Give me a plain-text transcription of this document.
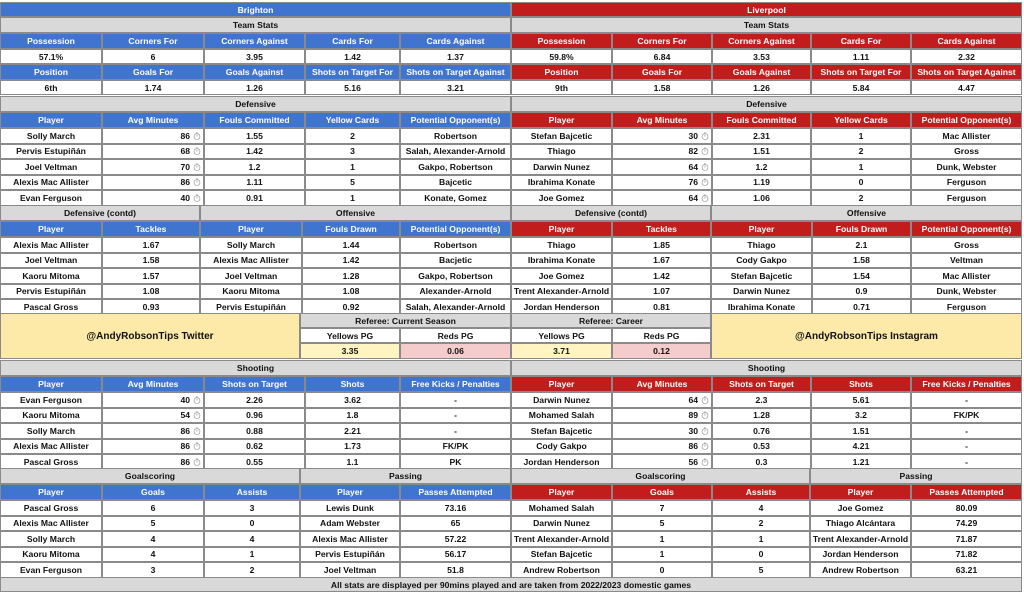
Brighton
Team Stats
Possession	Corners For	Corners Against	Cards For	Cards Against
57.1%	6	3.95	1.42	1.37
Position	Goals For	Goals Against	Shots on Target For	Shots on Target Against
6th	1.74	1.26	5.16	3.21
Defensive
Player	Avg Minutes	Fouls Committed	Yellow Cards	Potential Opponent(s)
Solly March	86	1.55	2	Robertson
Pervis Estupiñán	68	1.42	3	Salah, Alexander-Arnold
Joel Veltman	70	1.2	1	Gakpo, Robertson
Alexis Mac Allister	86	1.11	5	Bajcetic
Evan Ferguson	40	0.91	1	Konate, Gomez
Defensive (contd)	Offensive
Player	Tackles	Player	Fouls Drawn	Potential Opponent(s)
Alexis Mac Allister	1.67	Solly March	1.44	Robertson
Joel Veltman	1.58	Alexis Mac Allister	1.42	Bacjetic
Kaoru Mitoma	1.57	Joel Veltman	1.28	Gakpo, Robertson
Pervis Estupiñán	1.08	Kaoru Mitoma	1.08	Alexander-Arnold
Pascal Gross	0.93	Pervis Estupiñán	0.92	Salah, Alexander-Arnold
Shooting
Player	Avg Minutes	Shots on Target	Shots	Free Kicks / Penalties
Evan Ferguson	40	2.26	3.62	-
Kaoru Mitoma	54	0.96	1.8	-
Solly March	86	0.88	2.21	-
Alexis Mac Allister	86	0.62	1.73	FK/PK
Pascal Gross	86	0.55	1.1	PK
Goalscoring	Passing
Player	Goals	Assists	Player	Passes Attempted
Pascal Gross	6	3	Lewis Dunk	73.16
Alexis Mac Allister	5	0	Adam Webster	65
Solly March	4	4	Alexis Mac Allister	57.22
Kaoru Mitoma	4	1	Pervis Estupiñán	56.17
Evan Ferguson	3	2	Joel Veltman	51.8
Liverpool
Team Stats
Possession	Corners For	Corners Against	Cards For	Cards Against
59.8%	6.84	3.53	1.11	2.32
Position	Goals For	Goals Against	Shots on Target For	Shots on Target Against
9th	1.58	1.26	5.84	4.47
Defensive
Player	Avg Minutes	Fouls Committed	Yellow Cards	Potential Opponent(s)
Stefan Bajcetic	30	2.31	1	Mac Allister
Thiago	82	1.51	2	Gross
Darwin Nunez	64	1.2	1	Dunk, Webster
Ibrahima Konate	76	1.19	0	Ferguson
Joe Gomez	64	1.06	2	Ferguson
Defensive (contd)	Offensive
Player	Tackles	Player	Fouls Drawn	Potential Opponent(s)
Thiago	1.85	Thiago	2.1	Gross
Ibrahima Konate	1.67	Cody Gakpo	1.58	Veltman
Joe Gomez	1.42	Stefan Bajcetic	1.54	Mac Allister
Trent Alexander-Arnold	1.07	Darwin Nunez	0.9	Dunk, Webster
Jordan Henderson	0.81	Ibrahima Konate	0.71	Ferguson
Shooting
Player	Avg Minutes	Shots on Target	Shots	Free Kicks / Penalties
Darwin Nunez	64	2.3	5.61	-
Mohamed Salah	89	1.28	3.2	FK/PK
Stefan Bajcetic	30	0.76	1.51	-
Cody Gakpo	86	0.53	4.21	-
Jordan Henderson	56	0.3	1.21	-
Goalscoring	Passing
Player	Goals	Assists	Player	Passes Attempted
Mohamed Salah	7	4	Joe Gomez	80.09
Darwin Nunez	5	2	Thiago Alcántara	74.29
Trent Alexander-Arnold	1	1	Trent Alexander-Arnold	71.87
Stefan Bajcetic	1	0	Jordan Henderson	71.82
Andrew Robertson	0	5	Andrew Robertson	63.21
@AndyRobsonTips Twitter	@AndyRobsonTips Instagram
Referee: Current Season	Referee: Career
Yellows PG	Reds PG	Yellows PG	Reds PG
3.35	0.06	3.71	0.12
All stats are displayed per 90mins played and are taken from 2022/2023 domestic games
